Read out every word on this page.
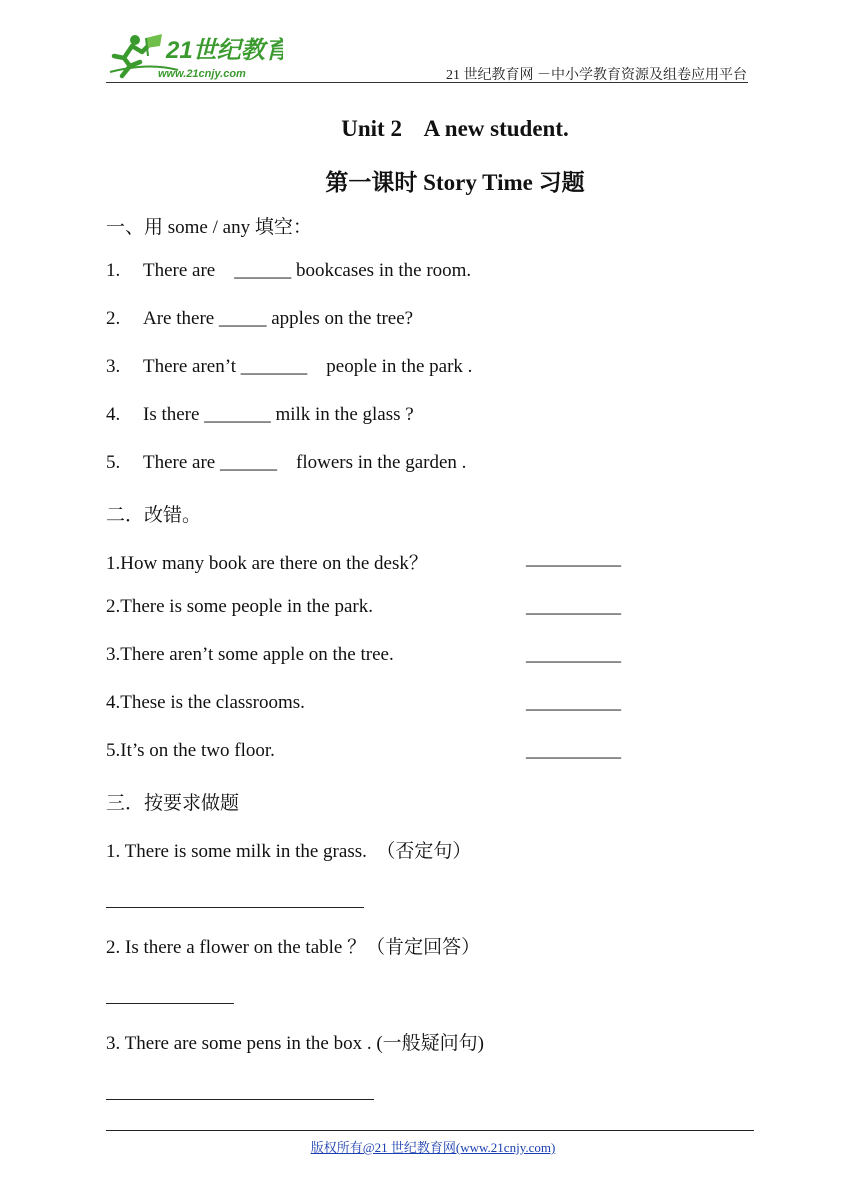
21世纪教育
www.21cnjy.com	21 世纪教育网 －中小学教育资源及组卷应用平台
Unit 2    A new student.
第一课时 Story Time 习题
一、用 some / any 填空：
1. There are    ______ bookcases in the room.
2. Are there _____ apples on the tree?
3. There aren’t _______    people in the park .
4. Is there _______ milk in the glass ?
5. There are ______    flowers in the garden .
二．改错。
1.How many book are there on the desk？	__________
2.There is some people in the park.	__________
3.There aren’t some apple on the tree.	__________
4.These is the classrooms.	__________
5.It’s on the two floor.	__________
三．按要求做题
1. There is some milk in the grass.  （否定句）
2. Is there a flower on the table ？（肯定回答）
3. There are some pens in the box . (一般疑问句)
版权所有@21 世纪教育网(www.21cnjy.com)
